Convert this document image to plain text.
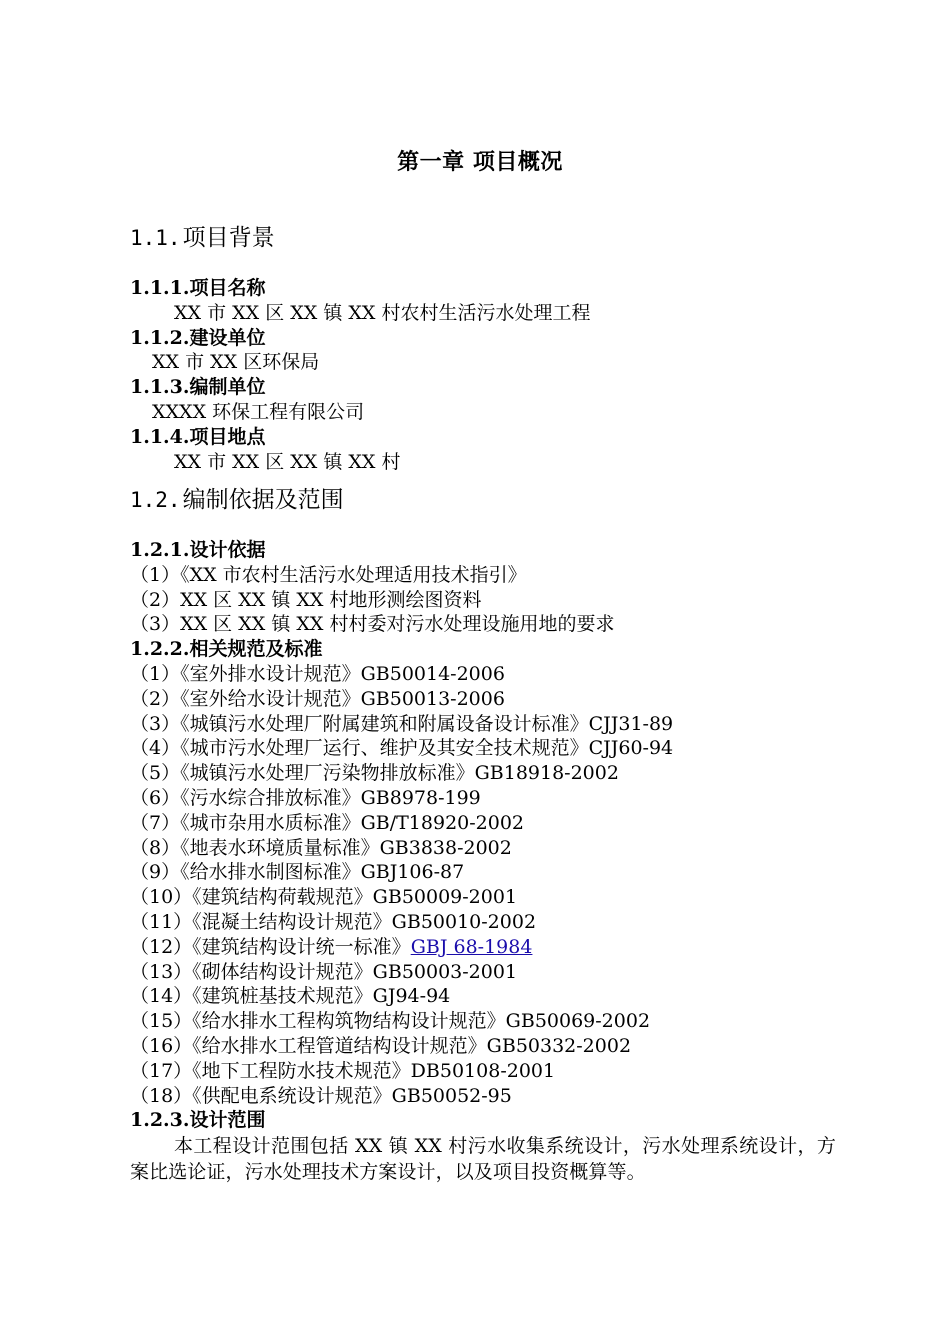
第一章 项目概况
1.1.项目背景
1.1.1.项目名称
XX 市 XX 区 XX 镇 XX 村农村生活污水处理工程
1.1.2.建设单位
XX 市 XX 区环保局
1.1.3.编制单位
XXXX 环保工程有限公司
1.1.4.项目地点
XX 市 XX 区 XX 镇 XX 村
1.2.编制依据及范围
1.2.1.设计依据
（1）《XX 市农村生活污水处理适用技术指引》
（2）XX 区 XX 镇 XX 村地形测绘图资料
（3）XX 区 XX 镇 XX 村村委对污水处理设施用地的要求
1.2.2.相关规范及标准
（1）《室外排水设计规范》GB50014-2006
（2）《室外给水设计规范》GB50013-2006
（3）《城镇污水处理厂附属建筑和附属设备设计标准》CJJ31-89
（4）《城市污水处理厂运行、维护及其安全技术规范》CJJ60-94
（5）《城镇污水处理厂污染物排放标准》GB18918-2002
（6）《污水综合排放标准》GB8978-199
（7）《城市杂用水质标准》GB/T18920-2002
（8）《地表水环境质量标准》GB3838-2002
（9）《给水排水制图标准》GBJ106-87
（10）《建筑结构荷载规范》GB50009-2001
（11）《混凝土结构设计规范》GB50010-2002
（12）《建筑结构设计统一标准》GBJ 68-1984
（13）《砌体结构设计规范》GB50003-2001
（14）《建筑桩基技术规范》GJ94-94
（15）《给水排水工程构筑物结构设计规范》GB50069-2002
（16）《给水排水工程管道结构设计规范》GB50332-2002
（17）《地下工程防水技术规范》DB50108-2001
（18）《供配电系统设计规范》GB50052-95
1.2.3.设计范围
本工程设计范围包括 XX 镇 XX 村污水收集系统设计，污水处理系统设计，方案比选论证，污水处理技术方案设计，以及项目投资概算等。
